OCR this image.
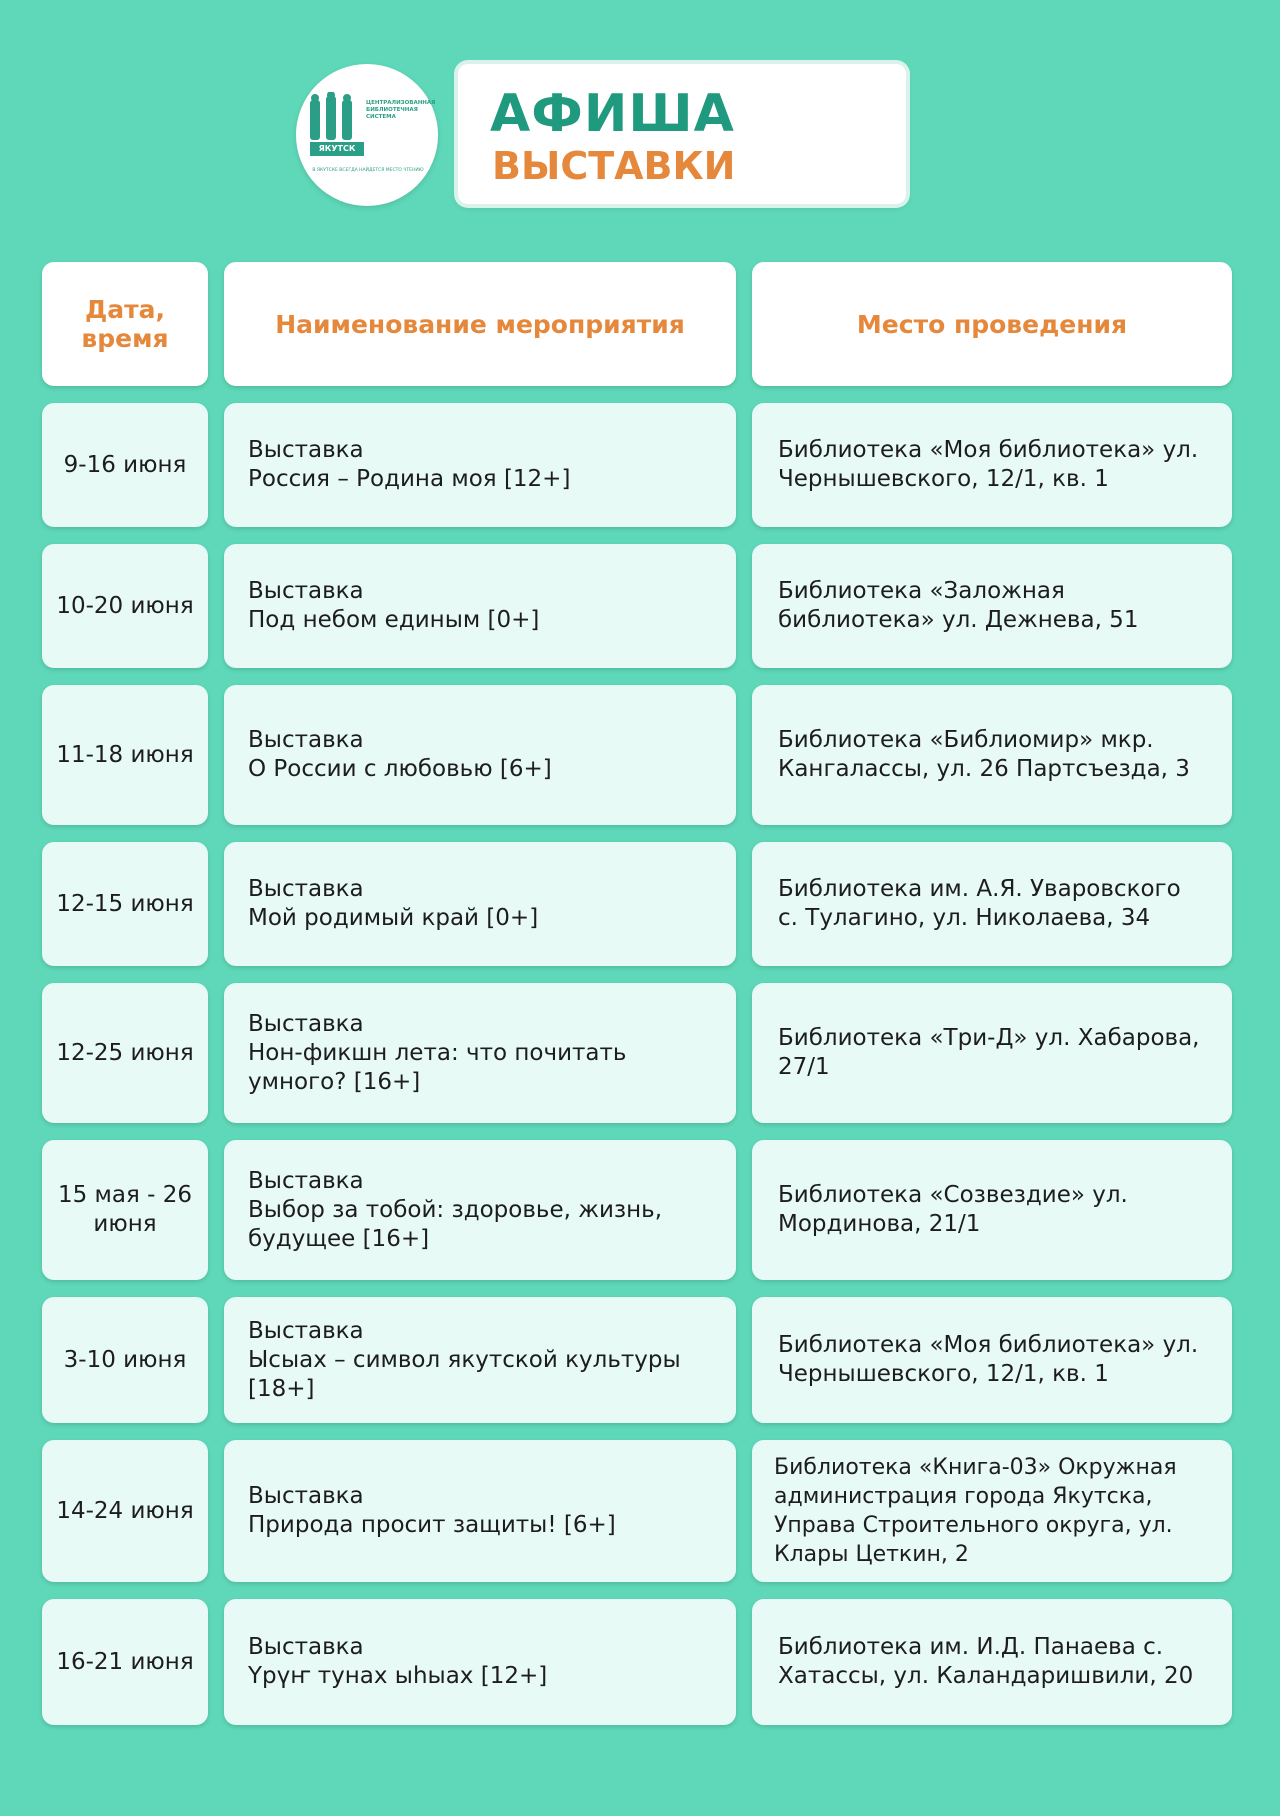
ЦЕНТРАЛИЗОВАННАЯ БИБЛИОТЕЧНАЯ СИСТЕМА
ЯКУТСК
В ЯКУТСКЕ ВСЕГДА НАЙДЕТСЯ МЕСТО ЧТЕНИЮ
АФИША
ВЫСТАВКИ
Дата, время	Наименование мероприятия	Место проведения
9-16 июня
Выставка
Россия – Родина моя [12+]
Библиотека «Моя библиотека» ул. Чернышевского, 12/1, кв. 1
10-20 июня
Выставка
Под небом единым [0+]
Библиотека «Заложная библиотека» ул. Дежнева, 51
11-18 июня
Выставка
О России с любовью [6+]
Библиотека «Библиомир» мкр. Кангалассы, ул. 26 Партсъезда, 3
12-15 июня
Выставка
Мой родимый край [0+]
Библиотека им. А.Я. Уваровского с. Тулагино, ул. Николаева, 34
12-25 июня
Выставка
Нон-фикшн лета: что почитать умного? [16+]
Библиотека «Три-Д» ул. Хабарова, 27/1
15 мая - 26 июня
Выставка
Выбор за тобой: здоровье, жизнь, будущее [16+]
Библиотека «Созвездие» ул. Мординова, 21/1
3-10 июня
Выставка
Ысыах – символ якутской культуры [18+]
Библиотека «Моя библиотека» ул. Чернышевского, 12/1, кв. 1
14-24 июня
Выставка
Природа просит защиты! [6+]
Библиотека «Книга-03» Окружная администрация города Якутска, Управа Строительного округа, ул. Клары Цеткин, 2
16-21 июня
Выставка
Үрүҥ тунах ыһыах [12+]
Библиотека им. И.Д. Панаева с. Хатассы, ул. Каландаришвили, 20
